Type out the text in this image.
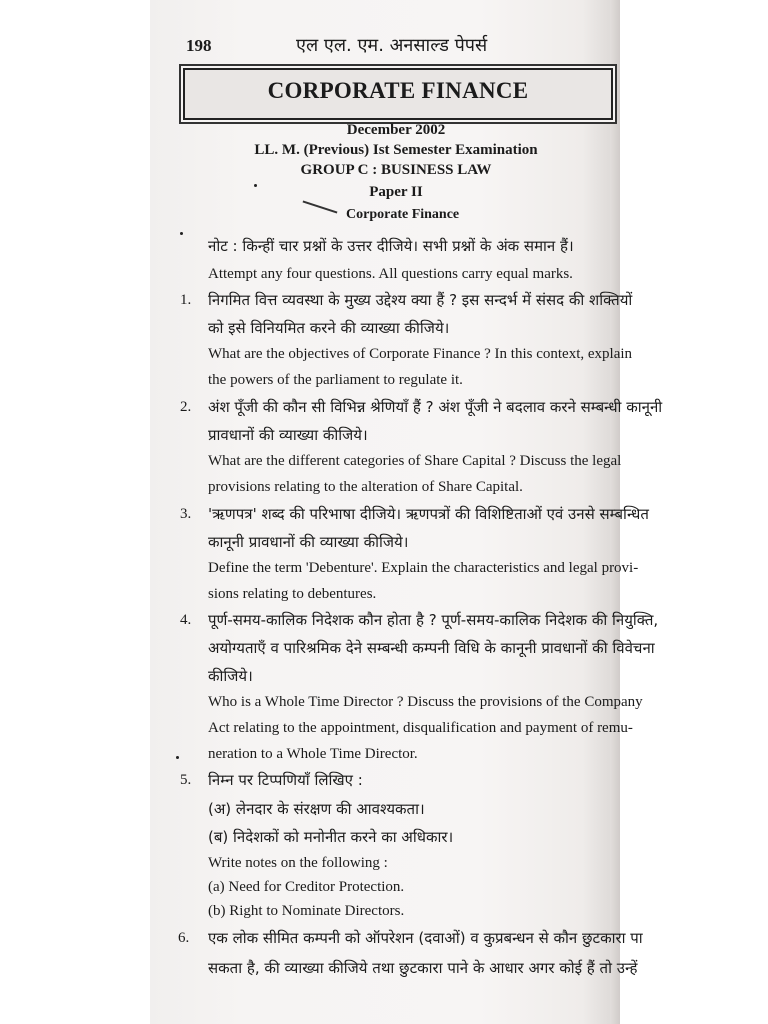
198	एल एल. एम. अनसाल्ड पेपर्स
CORPORATE FINANCE
December 2002
LL. M. (Previous) Ist Semester Examination
GROUP C : BUSINESS LAW
Paper II
Corporate Finance
नोट : किन्हीं चार प्रश्नों के उत्तर दीजिये। सभी प्रश्नों के अंक समान हैं।
Attempt any four questions. All questions carry equal marks.
1. निगमित वित्त व्यवस्था के मुख्य उद्देश्य क्या हैं ? इस सन्दर्भ में संसद की शक्तियों
को इसे विनियमित करने की व्याख्या कीजिये।
What are the objectives of Corporate Finance ? In this context, explain
the powers of the parliament to regulate it.
2. अंश पूँजी की कौन सी विभिन्न श्रेणियाँ हैं ? अंश पूँजी ने बदलाव करने सम्बन्धी कानूनी
प्रावधानों की व्याख्या कीजिये।
What are the different categories of Share Capital ? Discuss the legal
provisions relating to the alteration of Share Capital.
3. 'ऋणपत्र' शब्द की परिभाषा दीजिये। ऋणपत्रों की विशिष्टिताओं एवं उनसे सम्बन्धित
कानूनी प्रावधानों की व्याख्या कीजिये।
Define the term 'Debenture'. Explain the characteristics and legal provi-
sions relating to debentures.
4. पूर्ण-समय-कालिक निदेशक कौन होता है ? पूर्ण-समय-कालिक निदेशक की नियुक्ति,
अयोग्यताएँ व पारिश्रमिक देने सम्बन्धी कम्पनी विधि के कानूनी प्रावधानों की विवेचना
कीजिये।
Who is a Whole Time Director ? Discuss the provisions of the Company
Act relating to the appointment, disqualification and payment of remu-
neration to a Whole Time Director.
5. निम्न पर टिप्पणियाँ लिखिए :
(अ) लेनदार के संरक्षण की आवश्यकता।
(ब) निदेशकों को मनोनीत करने का अधिकार।
Write notes on the following :
(a) Need for Creditor Protection.
(b) Right to Nominate Directors.
6. एक लोक सीमित कम्पनी को ऑपरेशन (दवाओं) व कुप्रबन्धन से कौन छुटकारा पा
सकता है, की व्याख्या कीजिये तथा छुटकारा पाने के आधार अगर कोई हैं तो उन्हें
